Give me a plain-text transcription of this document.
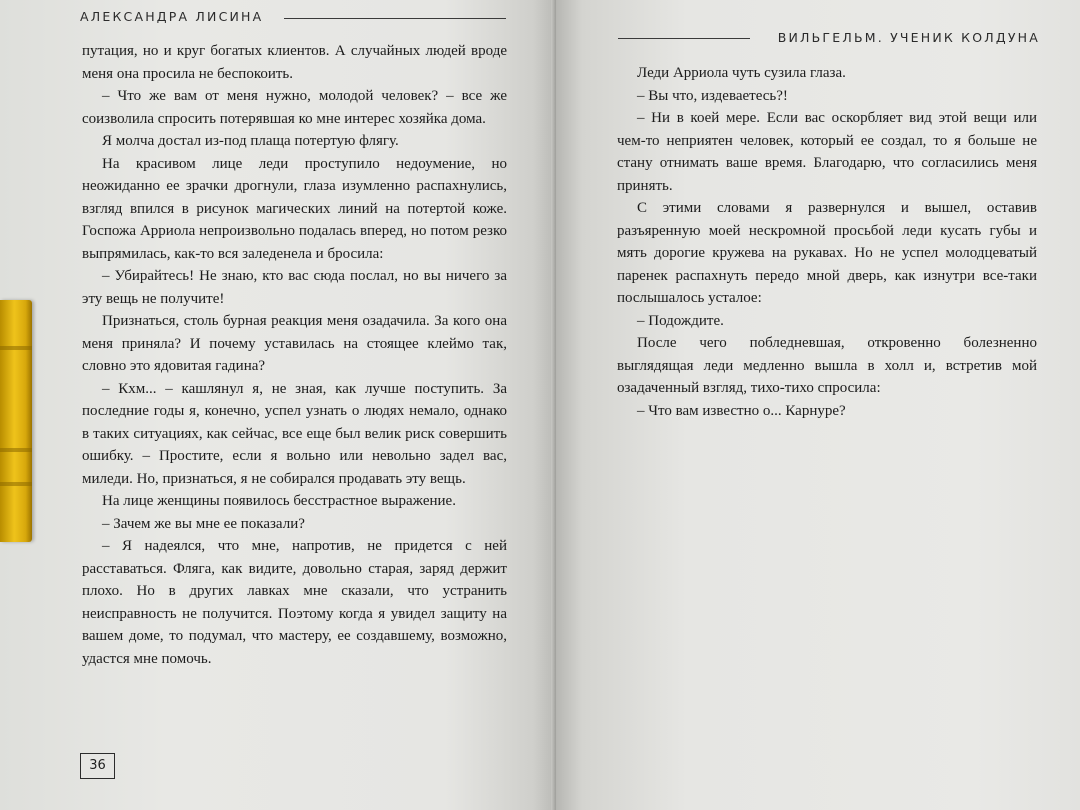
АЛЕКСАНДРА ЛИСИНА

путация, но и круг богатых клиентов. А случайных людей вроде меня она просила не беспокоить.

– Что же вам от меня нужно, молодой человек? – все же соизволила спросить потерявшая ко мне интерес хозяйка дома.

Я молча достал из-под плаща потертую флягу.

На красивом лице леди проступило недоумение, но неожиданно ее зрачки дрогнули, глаза изумленно распахнулись, взгляд впился в рисунок магических линий на потертой коже. Госпожа Арриола непроизвольно подалась вперед, но потом резко выпрямилась, как-то вся заледенела и бросила:

– Убирайтесь! Не знаю, кто вас сюда послал, но вы ничего за эту вещь не получите!

Признаться, столь бурная реакция меня озадачила. За кого она меня приняла? И почему уставилась на стоящее клеймо так, словно это ядовитая гадина?

– Кхм... – кашлянул я, не зная, как лучше поступить. За последние годы я, конечно, успел узнать о людях немало, однако в таких ситуациях, как сейчас, все еще был велик риск совершить ошибку. – Простите, если я вольно или невольно задел вас, миледи. Но, признаться, я не собирался продавать эту вещь.

На лице женщины появилось бесстрастное выражение.

– Зачем же вы мне ее показали?

– Я надеялся, что мне, напротив, не придется с ней расставаться. Фляга, как видите, довольно старая, заряд держит плохо. Но в других лавках мне сказали, что устранить неисправность не получится. Поэтому когда я увидел защиту на вашем доме, то подумал, что мастеру, ее создавшему, возможно, удастся мне помочь.

36
ВИЛЬГЕЛЬМ. УЧЕНИК КОЛДУНА

Леди Арриола чуть сузила глаза.

– Вы что, издеваетесь?!

– Ни в коей мере. Если вас оскорбляет вид этой вещи или чем-то неприятен человек, который ее создал, то я больше не стану отнимать ваше время. Благодарю, что согласились меня принять.

С этими словами я развернулся и вышел, оставив разъяренную моей нескромной просьбой леди кусать губы и мять дорогие кружева на рукавах. Но не успел молодцеватый паренек распахнуть передо мной дверь, как изнутри все-таки послышалось усталое:

– Подождите.

После чего побледневшая, откровенно болезненно выглядящая леди медленно вышла в холл и, встретив мой озадаченный взгляд, тихо-тихо спросила:

– Что вам известно о... Карнуре?
